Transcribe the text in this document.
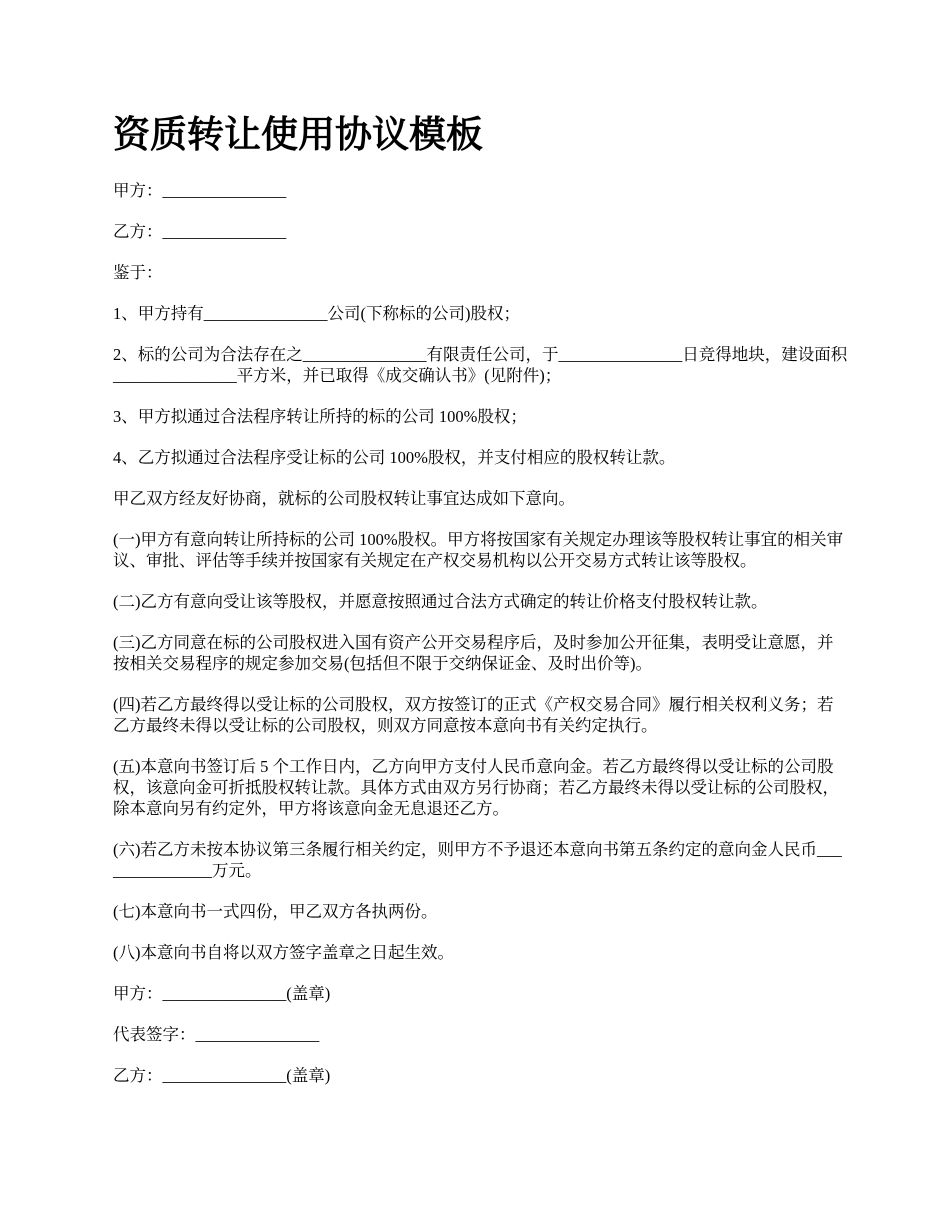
资质转让使用协议模板

甲方：_______________

乙方：_______________

鉴于：

1、甲方持有_______________公司(下称标的公司)股权；

2、标的公司为合法存在之_______________有限责任公司，于_______________日竞得地块，建设面积_______________平方米，并已取得《成交确认书》(见附件)；

3、甲方拟通过合法程序转让所持的标的公司 100%股权；

4、乙方拟通过合法程序受让标的公司 100%股权，并支付相应的股权转让款。

甲乙双方经友好协商，就标的公司股权转让事宜达成如下意向。

(一)甲方有意向转让所持标的公司 100%股权。甲方将按国家有关规定办理该等股权转让事宜的相关审议、审批、评估等手续并按国家有关规定在产权交易机构以公开交易方式转让该等股权。

(二)乙方有意向受让该等股权，并愿意按照通过合法方式确定的转让价格支付股权转让款。

(三)乙方同意在标的公司股权进入国有资产公开交易程序后，及时参加公开征集，表明受让意愿，并按相关交易程序的规定参加交易(包括但不限于交纳保证金、及时出价等)。

(四)若乙方最终得以受让标的公司股权，双方按签订的正式《产权交易合同》履行相关权利义务；若乙方最终未得以受让标的公司股权，则双方同意按本意向书有关约定执行。

(五)本意向书签订后 5 个工作日内，乙方向甲方支付人民币意向金。若乙方最终得以受让标的公司股权，该意向金可折抵股权转让款。具体方式由双方另行协商；若乙方最终未得以受让标的公司股权，除本意向另有约定外，甲方将该意向金无息退还乙方。

(六)若乙方未按本协议第三条履行相关约定，则甲方不予退还本意向书第五条约定的意向金人民币_______________万元。

(七)本意向书一式四份，甲乙双方各执两份。

(八)本意向书自将以双方签字盖章之日起生效。

甲方：_______________(盖章)

代表签字：_______________

乙方：_______________(盖章)
